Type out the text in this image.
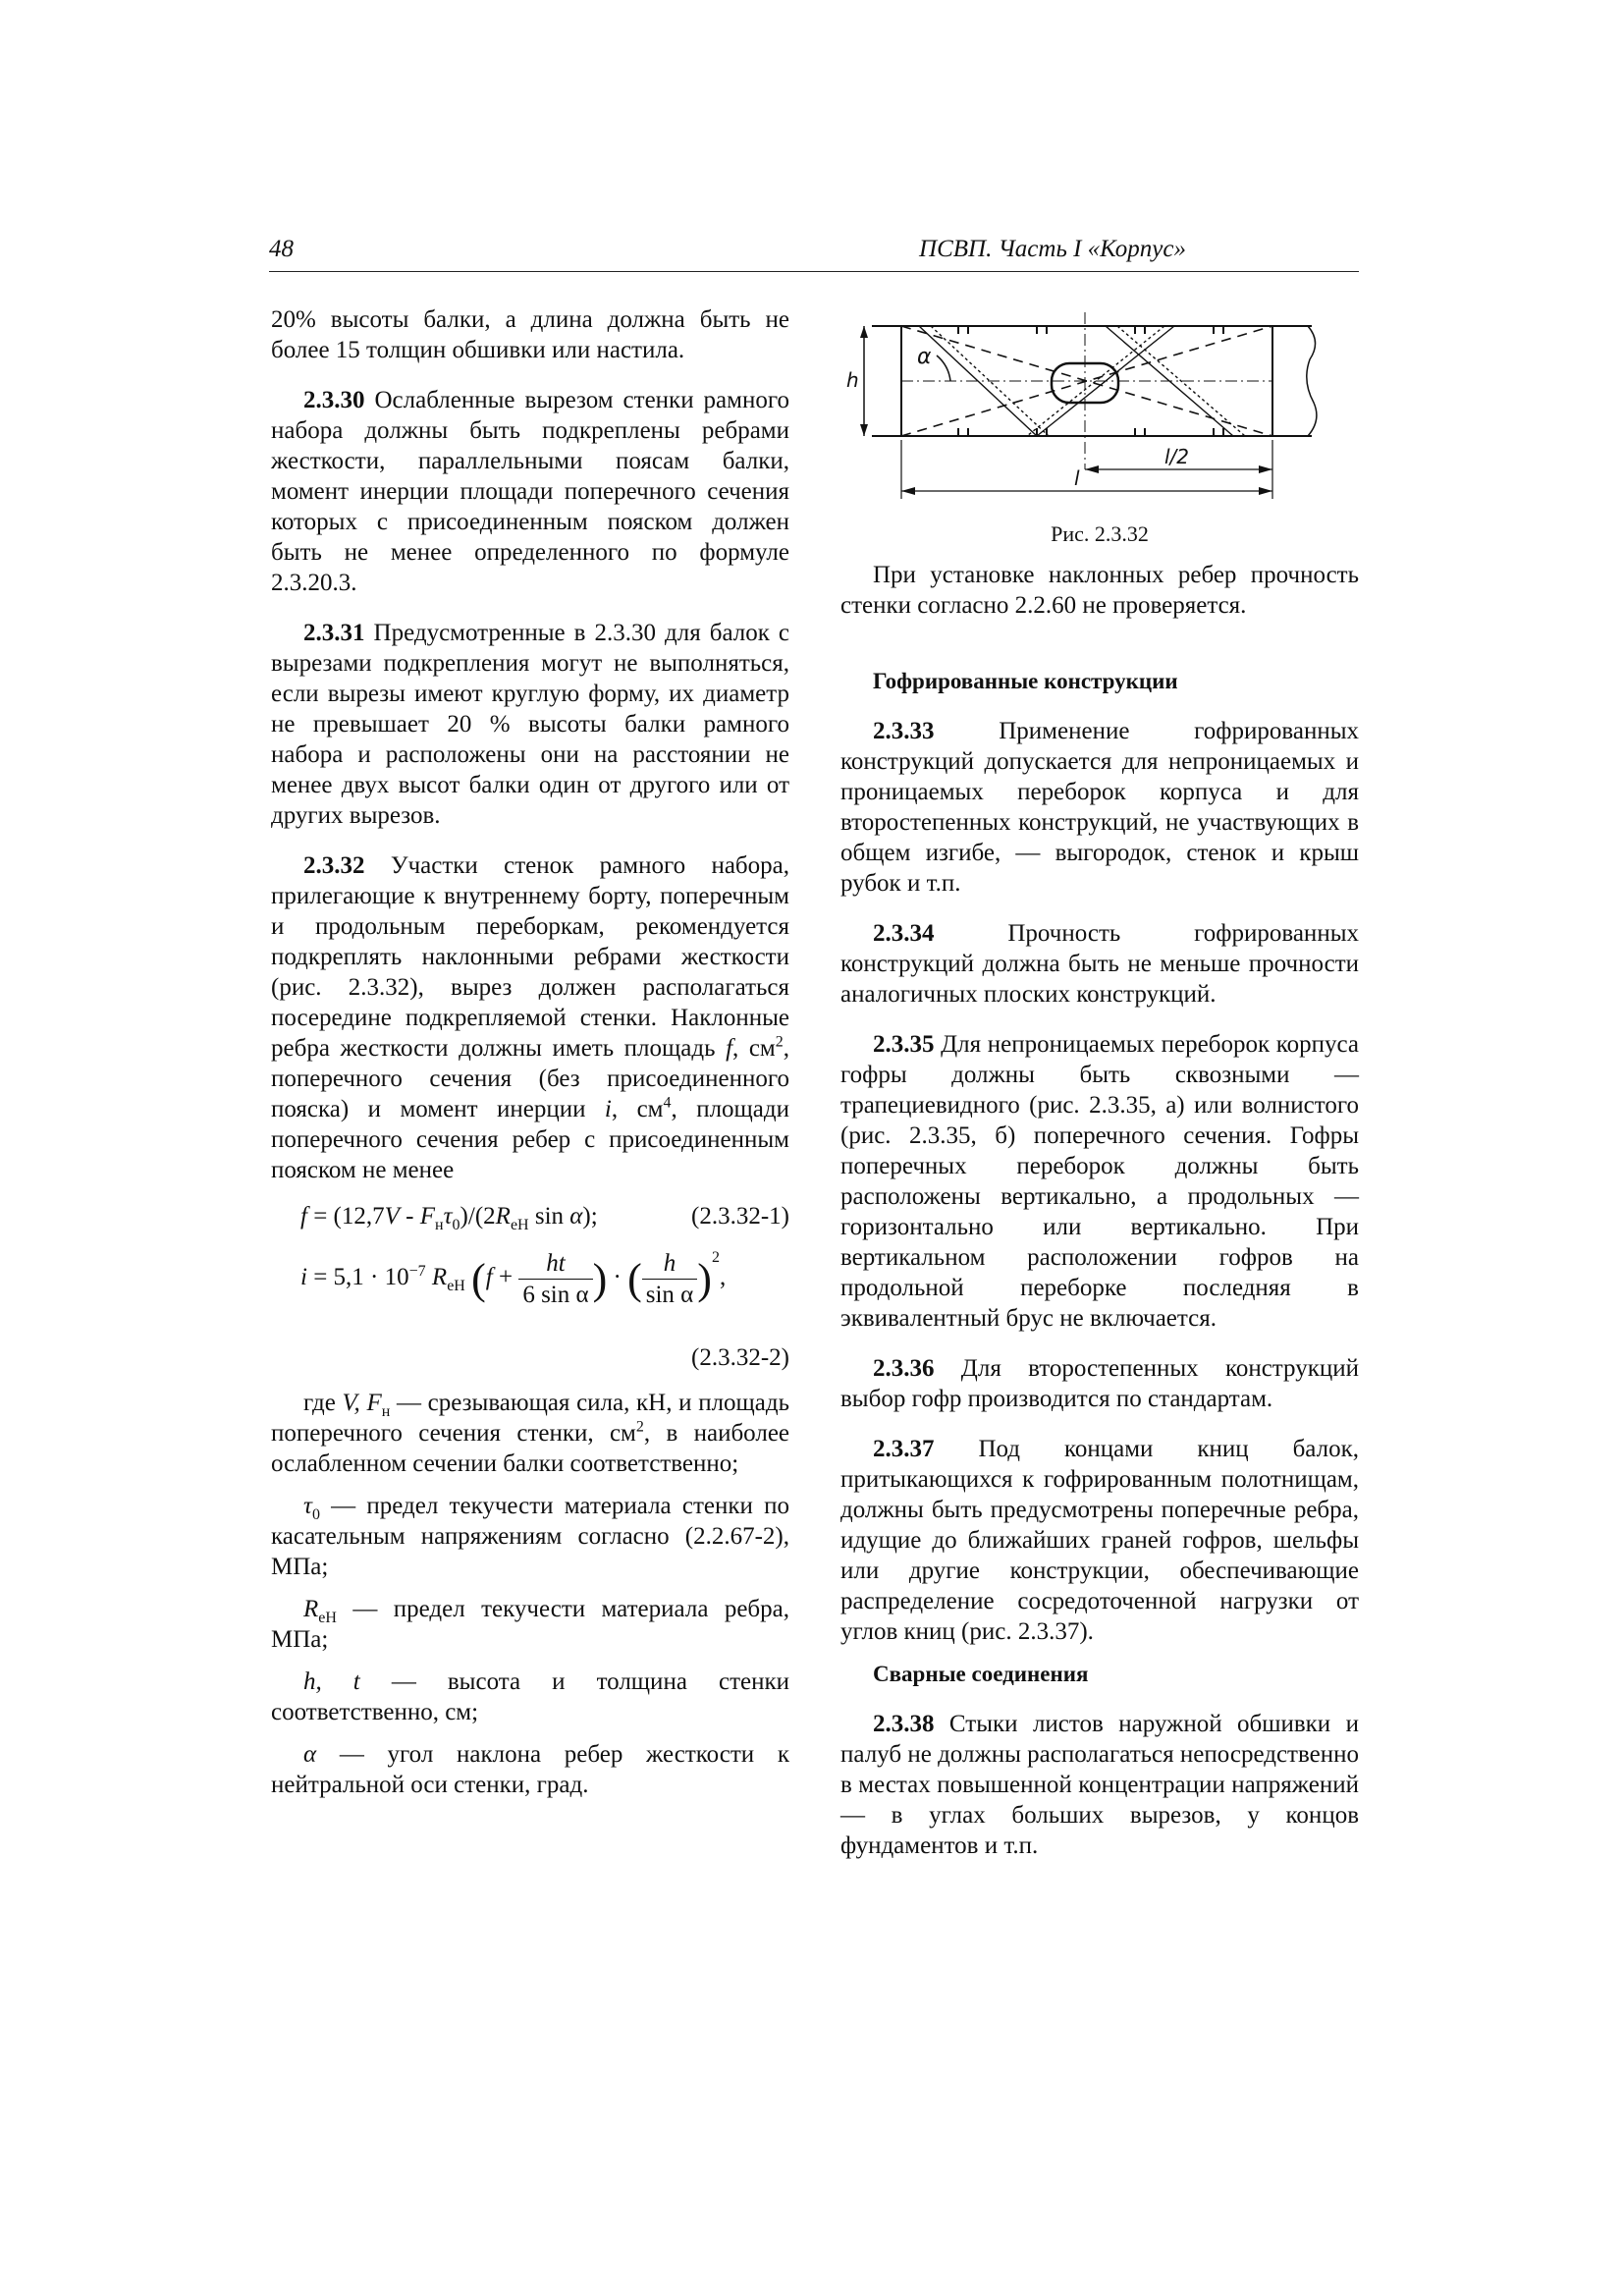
48	ПСВП. Часть I «Корпус»

20% высоты балки, а длина должна быть не более 15 толщин обшивки или настила.

2.3.30 Ослабленные вырезом стенки рамного набора должны быть подкреплены ребрами жесткости, параллельными поясам балки, момент инерции площади поперечного сечения которых с присоединенным пояском должен быть не менее определенного по формуле 2.3.20.3.

2.3.31 Предусмотренные в 2.3.30 для балок с вырезами подкрепления могут не выполняться, если вырезы имеют круглую форму, их диаметр не превышает 20 % высоты балки рамного набора и расположены они на расстоянии не менее двух высот балки один от другого или от других вырезов.

2.3.32 Участки стенок рамного набора, прилегающие к внутреннему борту, поперечным и продольным переборкам, рекомендуется подкреплять наклонными ребрами жесткости (рис. 2.3.32), вырез должен располагаться посередине подкрепляемой стенки. Наклонные ребра жесткости должны иметь площадь f, $см^2$, поперечного сечения (без присоединенного пояска) и момент инерции i, $см^4$, площади поперечного сечения ребер с присоединенным пояском не менее

$f = (12,7V - F_н\tau_0)/(2R_{еН}$ sin α);	(2.3.32-1)
$i = 5,1 \cdot 10^{-7}$ $R_{еН}$ ($f + \frac{ht}{\text{6 sin α}}$ ) · ( $\frac{h}{\text{sin α}} )^2$,
(2.3.32-2)

где V, $F_н$ — срезывающая сила, кН, и площадь поперечного сечения стенки, $см^2$, в наиболее ослабленном сечении балки соответственно;

$\tau_0$ — предел текучести материала стенки по касательным напряжениям согласно (2.2.67-2), МПа;

$R_{еН}$ — предел текучести материала ребра, МПа;

h, t — высота и толщина стенки соответственно, см;

α — угол наклона ребер жесткости к нейтральной оси стенки, град.

h
α
l
l/2
Рис. 2.3.32

При установке наклонных ребер прочность стенки согласно 2.2.60 не проверяется.

Гофрированные конструкции

2.3.33 Применение гофрированных конструкций допускается для непроницаемых и проницаемых переборок корпуса и для второстепенных конструкций, не участвующих в общем изгибе, — выгородок, стенок и крыш рубок и т.п.

2.3.34 Прочность гофрированных конструкций должна быть не меньше прочности аналогичных плоских конструкций.

2.3.35 Для непроницаемых переборок корпуса гофры должны быть сквозными — трапециевидного (рис. 2.3.35, а) или волнистого (рис. 2.3.35, б) поперечного сечения. Гофры поперечных переборок должны быть расположены вертикально, а продольных — горизонтально или вертикально. При вертикальном расположении гофров на продольной переборке последняя в эквивалентный брус не включается.

2.3.36 Для второстепенных конструкций выбор гофр производится по стандартам.

2.3.37 Под концами книц балок, притыкающихся к гофрированным полотнищам, должны быть предусмотрены поперечные ребра, идущие до ближайших граней гофров, шельфы или другие конструкции, обеспечивающие распределение сосредоточенной нагрузки от углов книц (рис. 2.3.37).

Сварные соединения

2.3.38 Стыки листов наружной обшивки и палуб не должны располагаться непосредственно в местах повышенной концентрации напряжений — в углах больших вырезов, у концов фундаментов и т.п.
